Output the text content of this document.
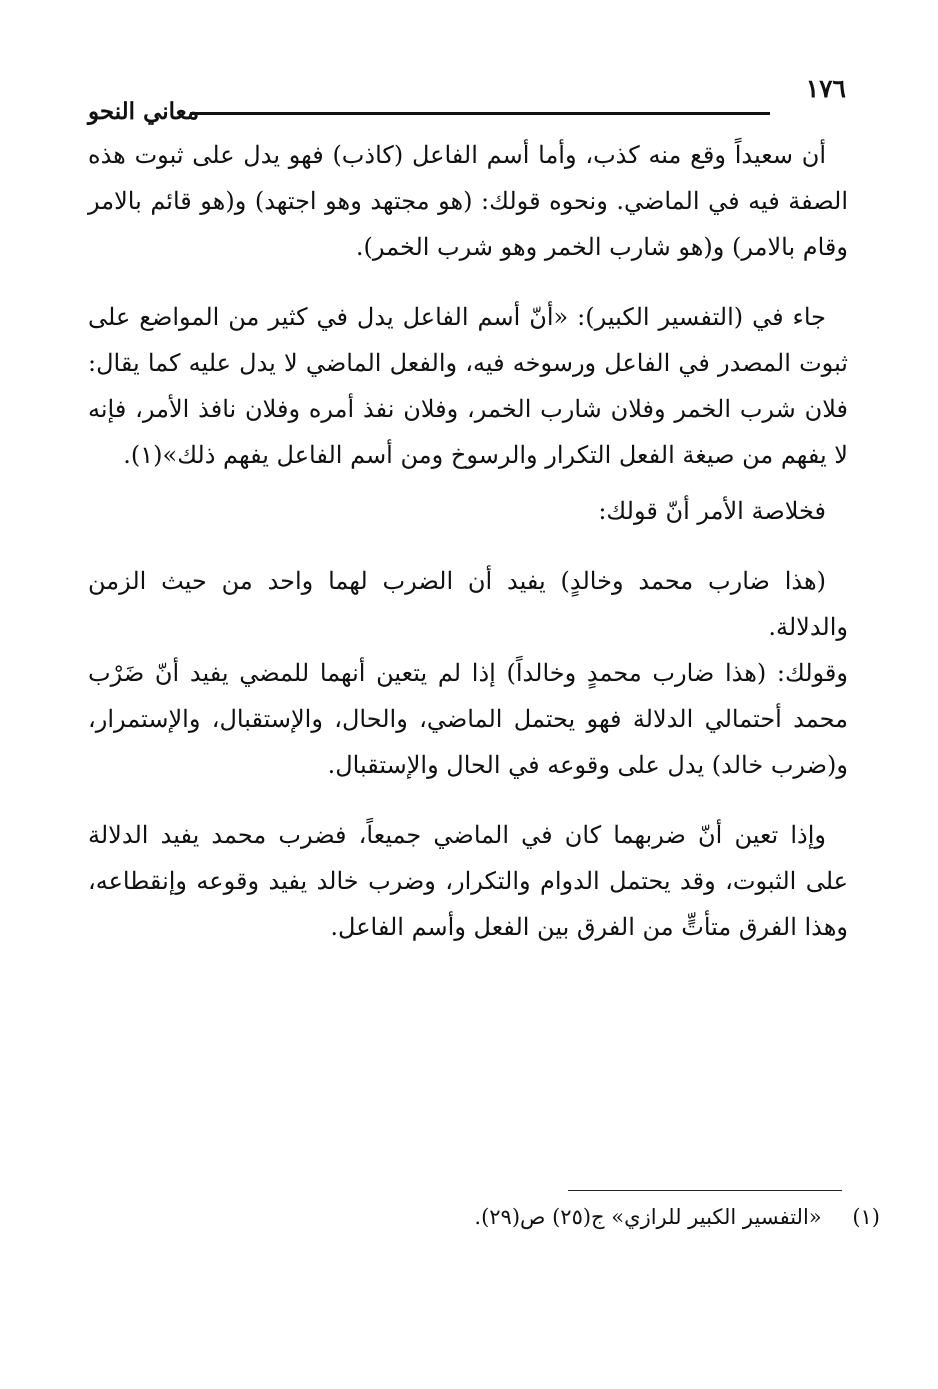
١٧٦
معاني النحو

أن سعيداً وقع منه كذب، وأما أسم الفاعل (كاذب) فهو يدل على ثبوت هذه الصفة فيه في الماضي. ونحوه قولك: (هو مجتهد وهو اجتهد) و(هو قائم بالامر وقام بالامر) و(هو شارب الخمر وهو شرب الخمر).

جاء في (التفسير الكبير): «أنّ أسم الفاعل يدل في كثير من المواضع على ثبوت المصدر في الفاعل ورسوخه فيه، والفعل الماضي لا يدل عليه كما يقال: فلان شرب الخمر وفلان شارب الخمر، وفلان نفذ أمره وفلان نافذ الأمر، فإنه لا يفهم من صيغة الفعل التكرار والرسوخ ومن أسم الفاعل يفهم ذلك»(١).

فخلاصة الأمر أنّ قولك:

(هذا ضارب محمد وخالدٍ) يفيد أن الضرب لهما واحد من حيث الزمن والدلالة.

وقولك: (هذا ضارب محمدٍ وخالداً) إذا لم يتعين أنهما للمضي يفيد أنّ ضَرْب محمد أحتمالي الدلالة فهو يحتمل الماضي، والحال، والإستقبال، والإستمرار، و(ضرب خالد) يدل على وقوعه في الحال والإستقبال.

وإذا تعين أنّ ضربهما كان في الماضي جميعاً، فضرب محمد يفيد الدلالة على الثبوت، وقد يحتمل الدوام والتكرار، وضرب خالد يفيد وقوعه وإنقطاعه، وهذا الفرق متأتٍّ من الفرق بين الفعل وأسم الفاعل.

(١) «التفسير الكبير للرازي» ج(٢٥) ص(٢٩).
